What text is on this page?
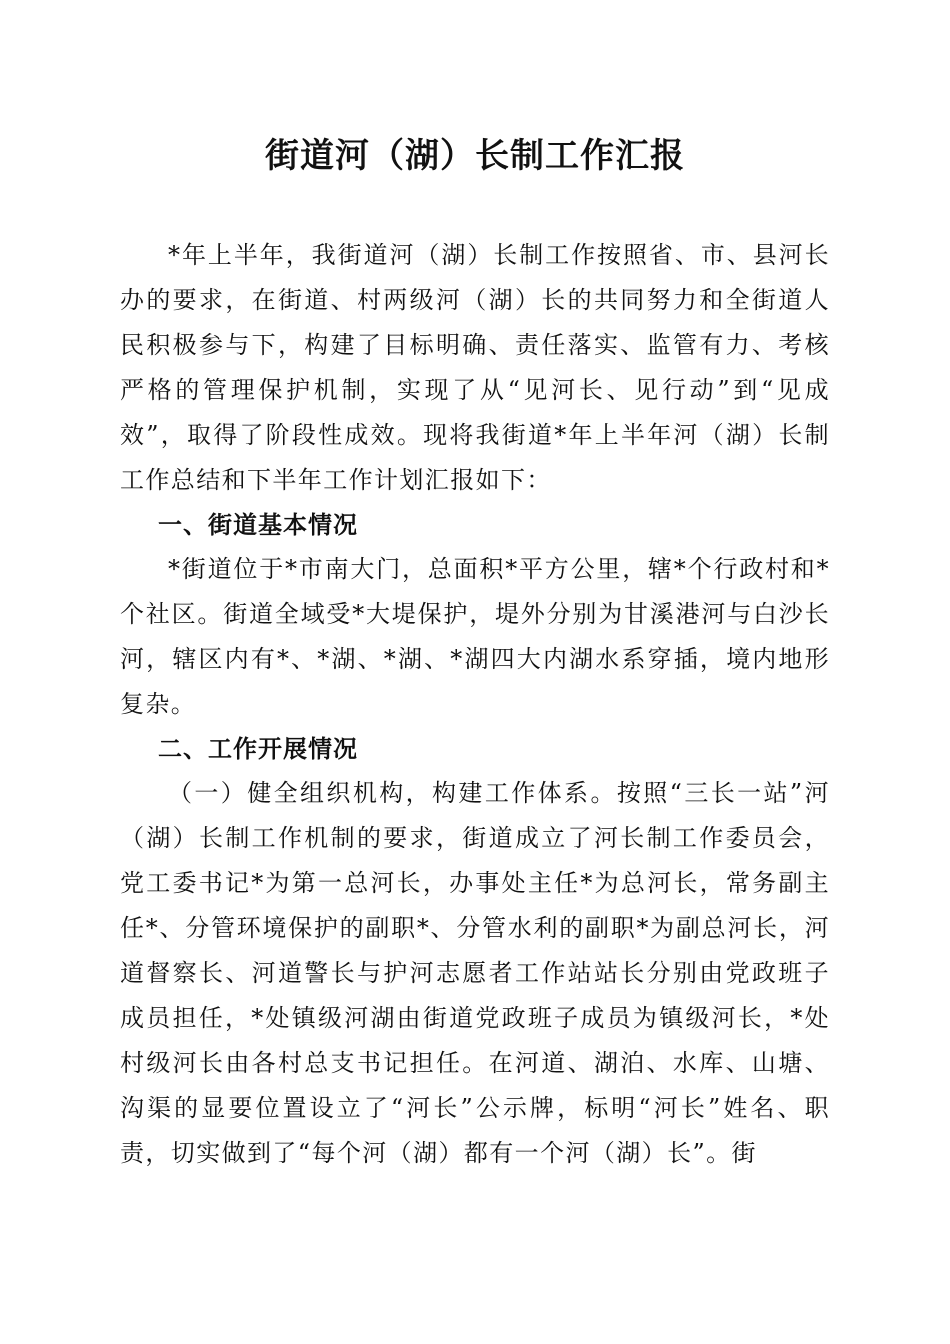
街道河（湖）长制工作汇报

*年上半年，我街道河（湖）长制工作按照省、市、县河长办的要求，在街道、村两级河（湖）长的共同努力和全街道人民积极参与下，构建了目标明确、责任落实、监管有力、考核严格的管理保护机制，实现了从“见河长、见行动”到“见成效”，取得了阶段性成效。现将我街道*年上半年河（湖）长制工作总结和下半年工作计划汇报如下：

一、街道基本情况

*街道位于*市南大门，总面积*平方公里，辖*个行政村和*个社区。街道全域受*大堤保护，堤外分别为甘溪港河与白沙长河，辖区内有*、*湖、*湖、*湖四大内湖水系穿插，境内地形复杂。

二、工作开展情况

（一）健全组织机构，构建工作体系。按照“三长一站”河（湖）长制工作机制的要求，街道成立了河长制工作委员会，党工委书记*为第一总河长，办事处主任*为总河长，常务副主任*、分管环境保护的副职*、分管水利的副职*为副总河长，河道督察长、河道警长与护河志愿者工作站站长分别由党政班子成员担任，*处镇级河湖由街道党政班子成员为镇级河长，*处村级河长由各村总支书记担任。在河道、湖泊、水库、山塘、沟渠的显要位置设立了“河长”公示牌，标明“河长”姓名、职责，切实做到了“每个河（湖）都有一个河（湖）长”。街
